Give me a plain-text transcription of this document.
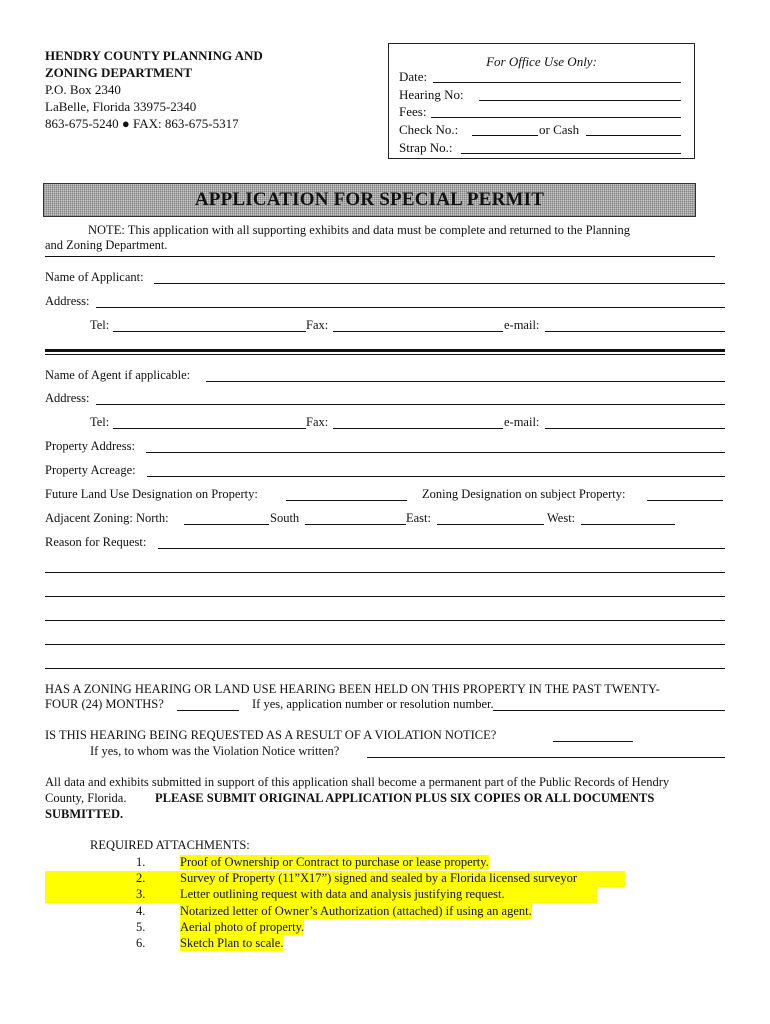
HENDRY COUNTY PLANNING AND
ZONING DEPARTMENT
P.O. Box 2340
LaBelle, Florida 33975-2340
863-675-5240 ● FAX: 863-675-5317
For Office Use Only:
Date:
Hearing No:
Fees:
Check No.:	or Cash
Strap No.:
APPLICATION FOR SPECIAL PERMIT
NOTE: This application with all supporting exhibits and data must be complete and returned to the Planning
and Zoning Department.
Name of Applicant:
Address:
Tel:	Fax:	e-mail:
Name of Agent if applicable:
Address:
Tel:	Fax:	e-mail:
Property Address:
Property Acreage:
Future Land Use Designation on Property:	Zoning Designation on subject Property:
Adjacent Zoning: North:	South	East:	West:
Reason for Request:
HAS A ZONING HEARING OR LAND USE HEARING BEEN HELD ON THIS PROPERTY IN THE PAST TWENTY-
FOUR (24) MONTHS?	If yes, application number or resolution number.
IS THIS HEARING BEING REQUESTED AS A RESULT OF A VIOLATION NOTICE?
If yes, to whom was the Violation Notice written?
All data and exhibits submitted in support of this application shall become a permanent part of the Public Records of Hendry
County, Florida. PLEASE SUBMIT ORIGINAL APPLICATION PLUS SIX COPIES OR ALL DOCUMENTS
SUBMITTED.
REQUIRED ATTACHMENTS:
1.	Proof of Ownership or Contract to purchase or lease property.
2.	Survey of Property (11”X17”) signed and sealed by a Florida licensed surveyor
3.	Letter outlining request with data and analysis justifying request.
4.	Notarized letter of Owner’s Authorization (attached) if using an agent.
5.	Aerial photo of property.
6.	Sketch Plan to scale.
